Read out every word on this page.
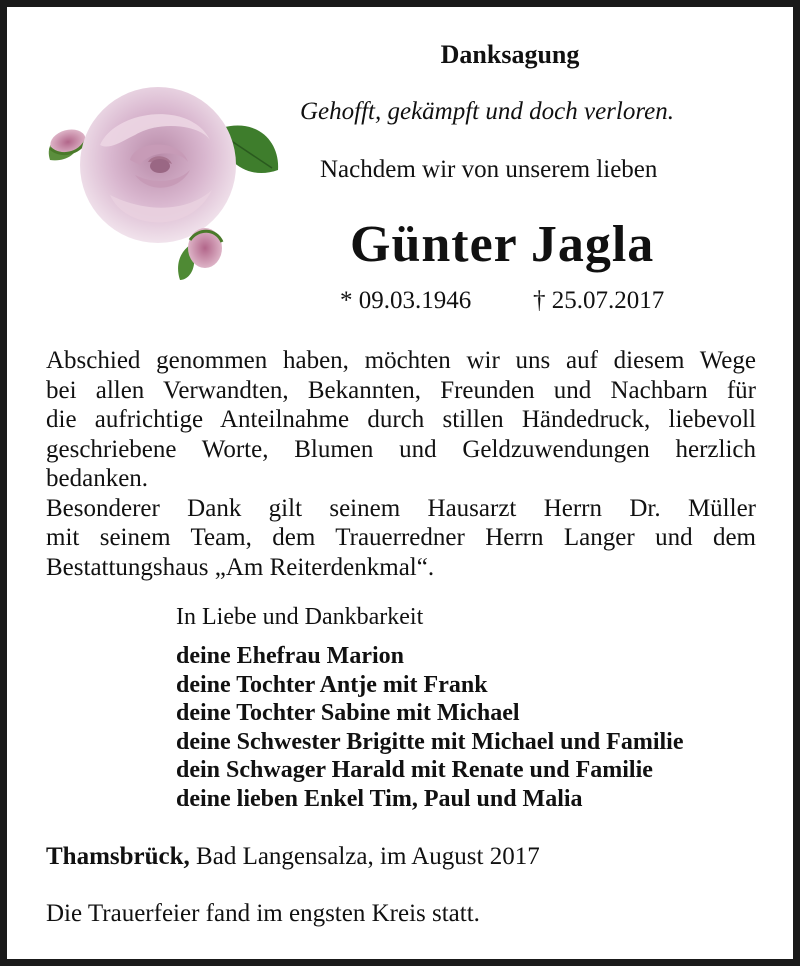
Danksagung
Gehofft, gekämpft und doch verloren.
Nachdem wir von unserem lieben
Günter Jagla
* 09.03.1946 † 25.07.2017
Abschied genommen haben, möchten wir uns auf diesem Wege
bei allen Verwandten, Bekannten, Freunden und Nachbarn für
die aufrichtige Anteilnahme durch stillen Händedruck, liebevoll
geschriebene Worte, Blumen und Geldzuwendungen herzlich
bedanken.
Besonderer Dank gilt seinem Hausarzt Herrn Dr. Müller
mit seinem Team, dem Trauerredner Herrn Langer und dem
Bestattungshaus „Am Reiterdenkmal“.
In Liebe und Dankbarkeit
deine Ehefrau Marion
deine Tochter Antje mit Frank
deine Tochter Sabine mit Michael
deine Schwester Brigitte mit Michael und Familie
dein Schwager Harald mit Renate und Familie
deine lieben Enkel Tim, Paul und Malia
Thamsbrück, Bad Langensalza, im August 2017
Die Trauerfeier fand im engsten Kreis statt.
